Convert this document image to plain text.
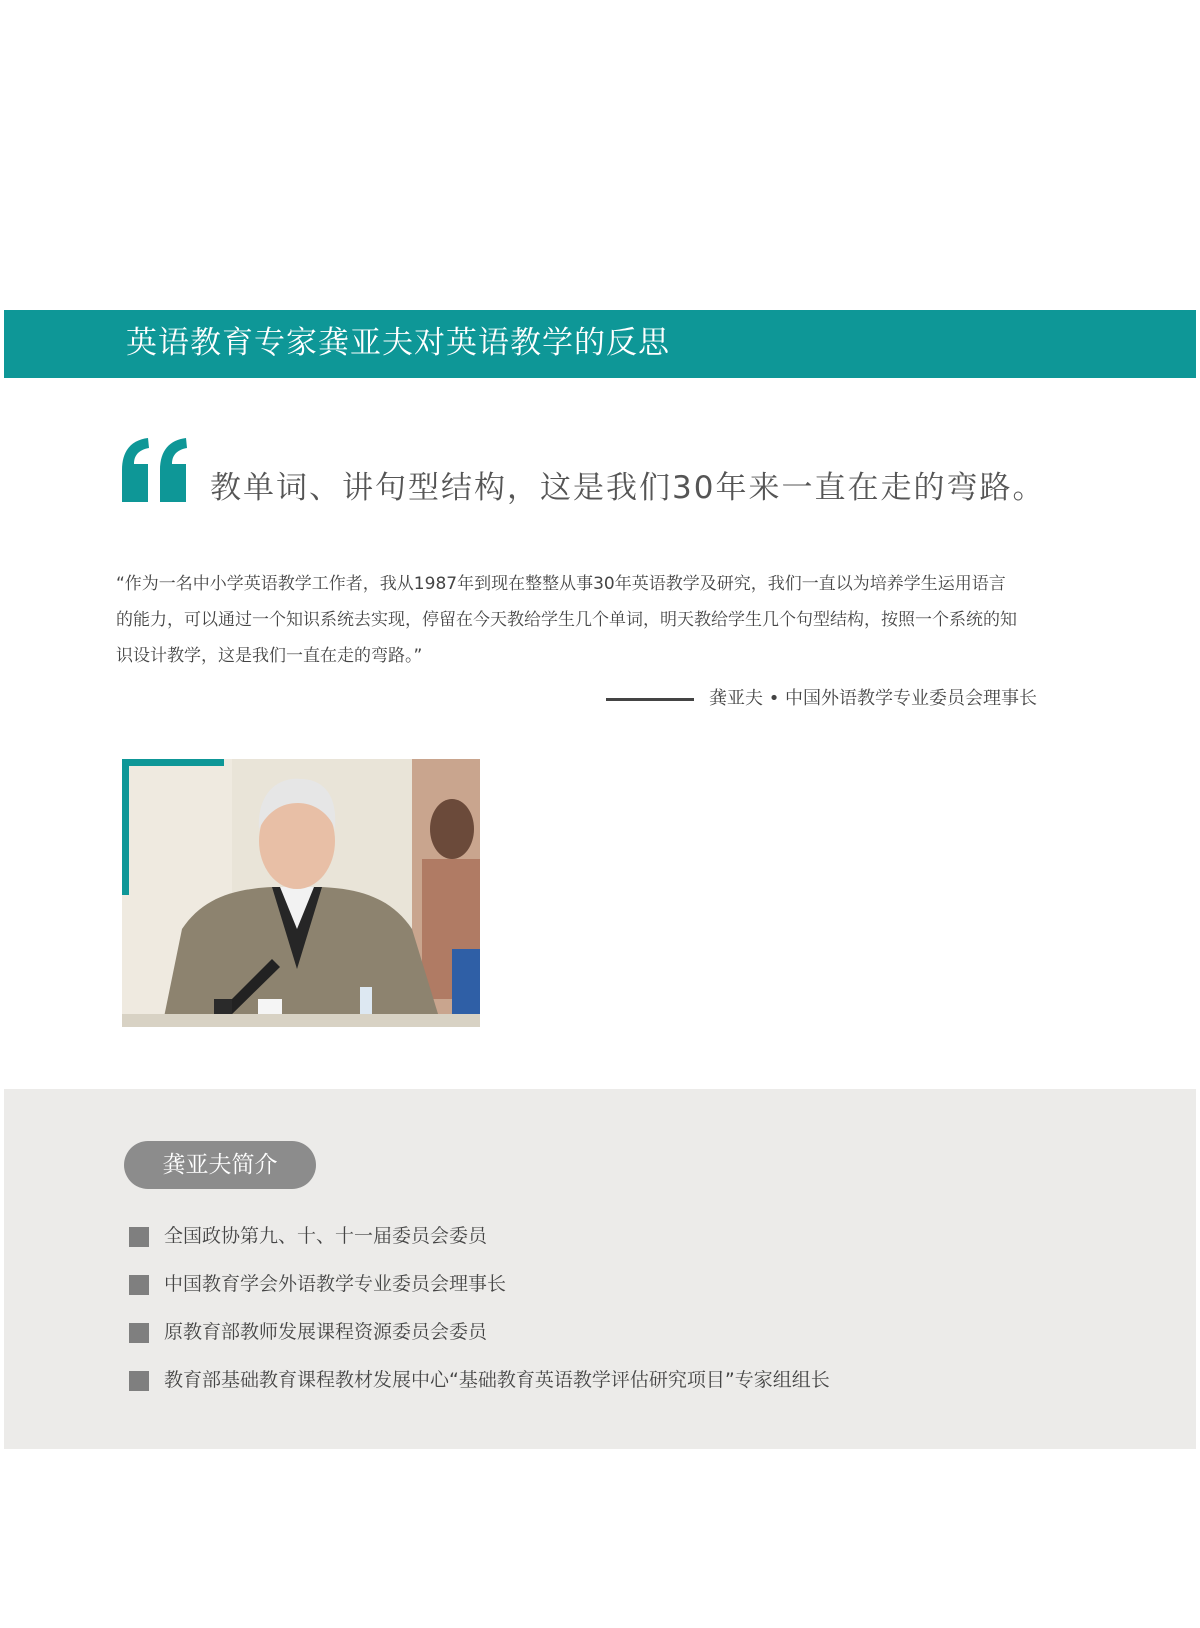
英语教育专家龚亚夫对英语教学的反思
教单词、讲句型结构，这是我们30年来一直在走的弯路。

“作为一名中小学英语教学工作者，我从1987年到现在整整从事30年英语教学及研究，我们一直以为培养学生运用语言

的能力，可以通过一个知识系统去实现，停留在今天教给学生几个单词，明天教给学生几个句型结构，按照一个系统的知

识设计教学，这是我们一直在走的弯路。”

龚亚夫 • 中国外语教学专业委员会理事长
龚亚夫简介
全国政协第九、十、十一届委员会委员
中国教育学会外语教学专业委员会理事长
原教育部教师发展课程资源委员会委员
教育部基础教育课程教材发展中心“基础教育英语教学评估研究项目”专家组组长
